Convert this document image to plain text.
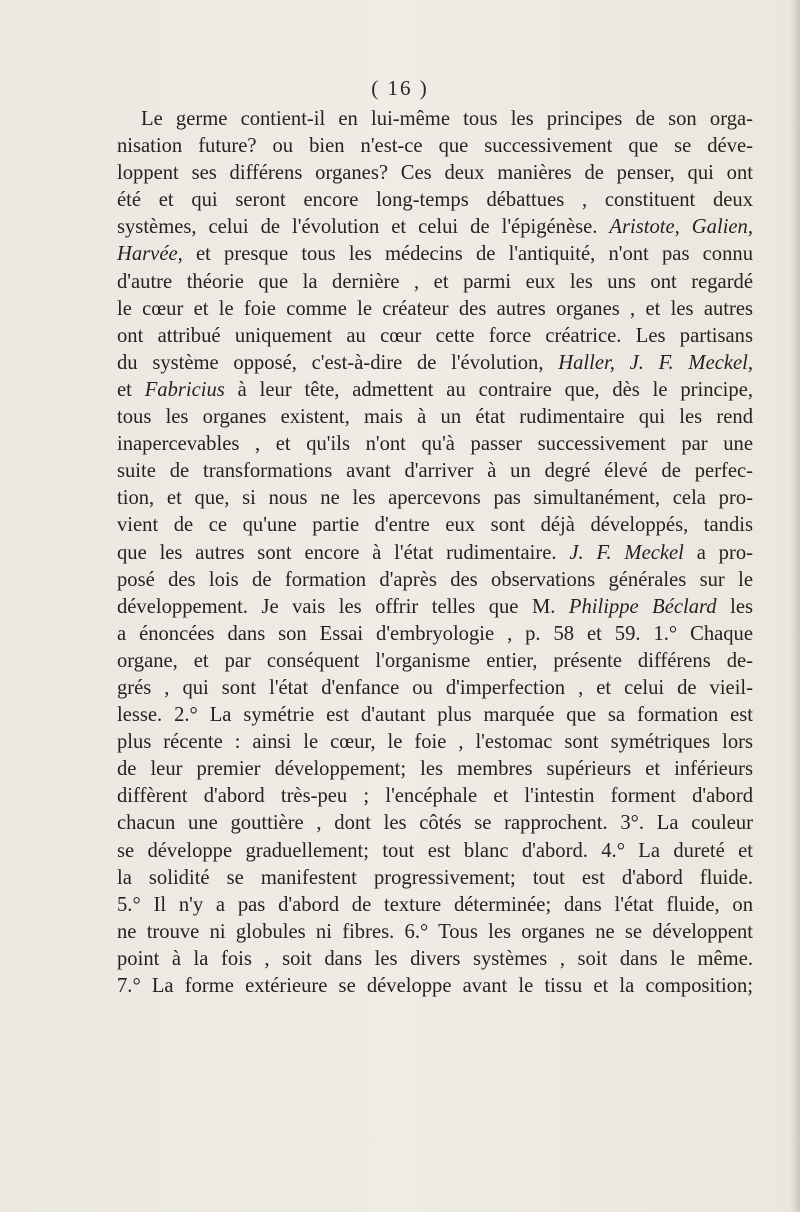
( 16 )
Le germe contient-il en lui-même tous les principes de son orga-
nisation future? ou bien n'est-ce que successivement que se déve-
loppent ses différens organes? Ces deux manières de penser, qui ont
été et qui seront encore long-temps débattues , constituent deux
systèmes, celui de l'évolution et celui de l'épigénèse. Aristote, Galien,
Harvée, et presque tous les médecins de l'antiquité, n'ont pas connu
d'autre théorie que la dernière , et parmi eux les uns ont regardé
le cœur et le foie comme le créateur des autres organes , et les autres
ont attribué uniquement au cœur cette force créatrice. Les partisans
du système opposé, c'est-à-dire de l'évolution, Haller, J. F. Meckel,
et Fabricius à leur tête, admettent au contraire que, dès le principe,
tous les organes existent, mais à un état rudimentaire qui les rend
inapercevables , et qu'ils n'ont qu'à passer successivement par une
suite de transformations avant d'arriver à un degré élevé de perfec-
tion, et que, si nous ne les apercevons pas simultanément, cela pro-
vient de ce qu'une partie d'entre eux sont déjà développés, tandis
que les autres sont encore à l'état rudimentaire. J. F. Meckel a pro-
posé des lois de formation d'après des observations générales sur le
développement. Je vais les offrir telles que M. Philippe Béclard les
a énoncées dans son Essai d'embryologie , p. 58 et 59. 1.° Chaque
organe, et par conséquent l'organisme entier, présente différens de-
grés , qui sont l'état d'enfance ou d'imperfection , et celui de vieil-
lesse. 2.° La symétrie est d'autant plus marquée que sa formation est
plus récente : ainsi le cœur, le foie , l'estomac sont symétriques lors
de leur premier développement; les membres supérieurs et inférieurs
diffèrent d'abord très-peu ; l'encéphale et l'intestin forment d'abord
chacun une gouttière , dont les côtés se rapprochent. 3°. La couleur
se développe graduellement; tout est blanc d'abord. 4.° La dureté et
la solidité se manifestent progressivement; tout est d'abord fluide.
5.° Il n'y a pas d'abord de texture déterminée; dans l'état fluide, on
ne trouve ni globules ni fibres. 6.° Tous les organes ne se développent
point à la fois , soit dans les divers systèmes , soit dans le même.
7.° La forme extérieure se développe avant le tissu et la composition;
